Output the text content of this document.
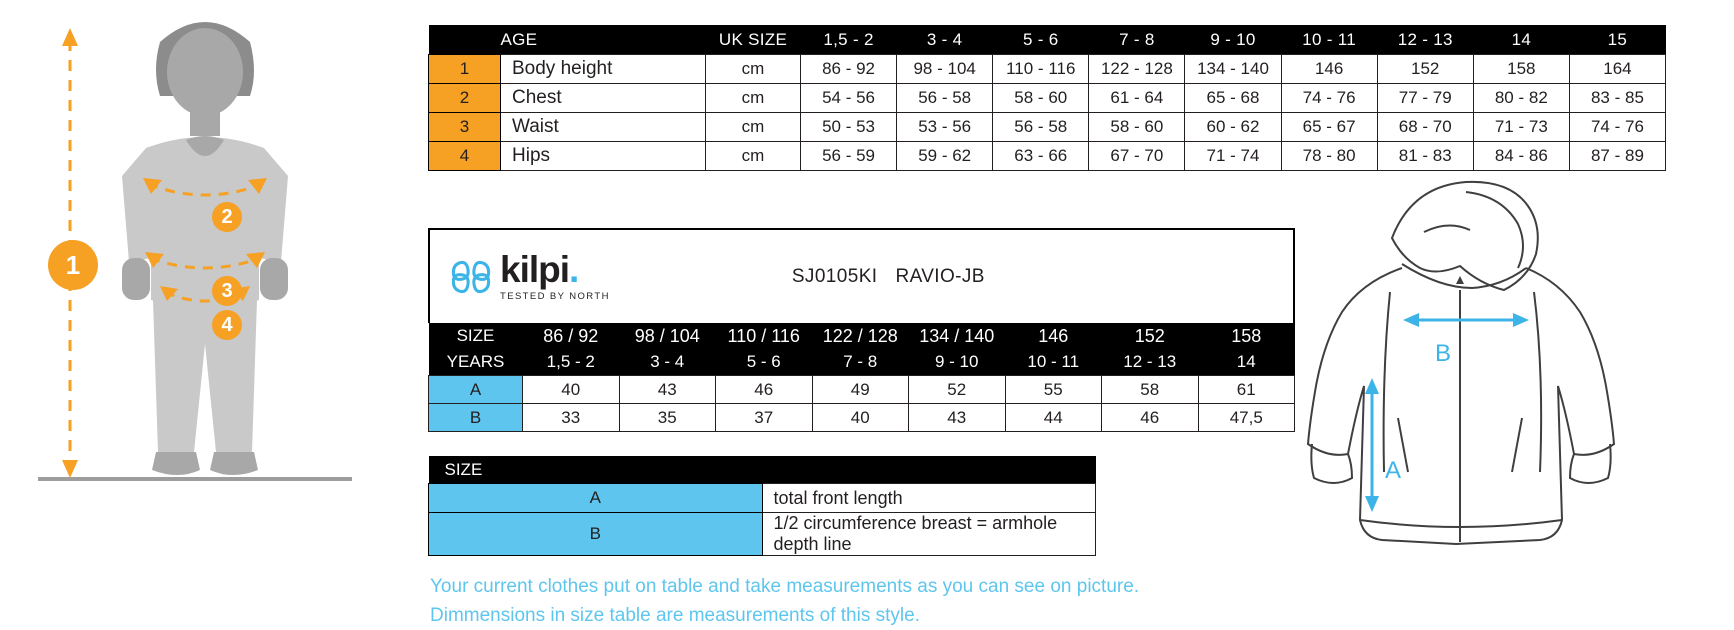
1
2
3
4
	AGE	UK SIZE	1,5 - 2	3 - 4	5 - 6	7 - 8	9 - 10	10 - 11	12 - 13	14	15
1	Body height	cm	86 - 92	98 - 104	110 - 116	122 - 128	134 - 140	146	152	158	164
2	Chest	cm	54 - 56	56 - 58	58 - 60	61 - 64	65 - 68	74 - 76	77 - 79	80 - 82	83 - 85
3	Waist	cm	50 - 53	53 - 56	56 - 58	58 - 60	60 - 62	65 - 67	68 - 70	71 - 73	74 - 76
4	Hips	cm	56 - 59	59 - 62	63 - 66	67 - 70	71 - 74	78 - 80	81 - 83	84 - 86	87 - 89
kilpi.
TESTED BY NORTH
SJ0105KI RAVIO-JB
SIZE	86 / 92	98 / 104	110 / 116	122 / 128	134 / 140	146	152	158
YEARS	1,5 - 2	3 - 4	5 - 6	7 - 8	9 - 10	10 - 11	12 - 13	14
A	40	43	46	49	52	55	58	61
B	33	35	37	40	43	44	46	47,5
SIZE	
A	total front length
B	1/2 circumference breast = armhole depth line
Your current clothes put on table and take measurements as you can see on picture.
Dimmensions in size table are measurements of this style.
A
B
